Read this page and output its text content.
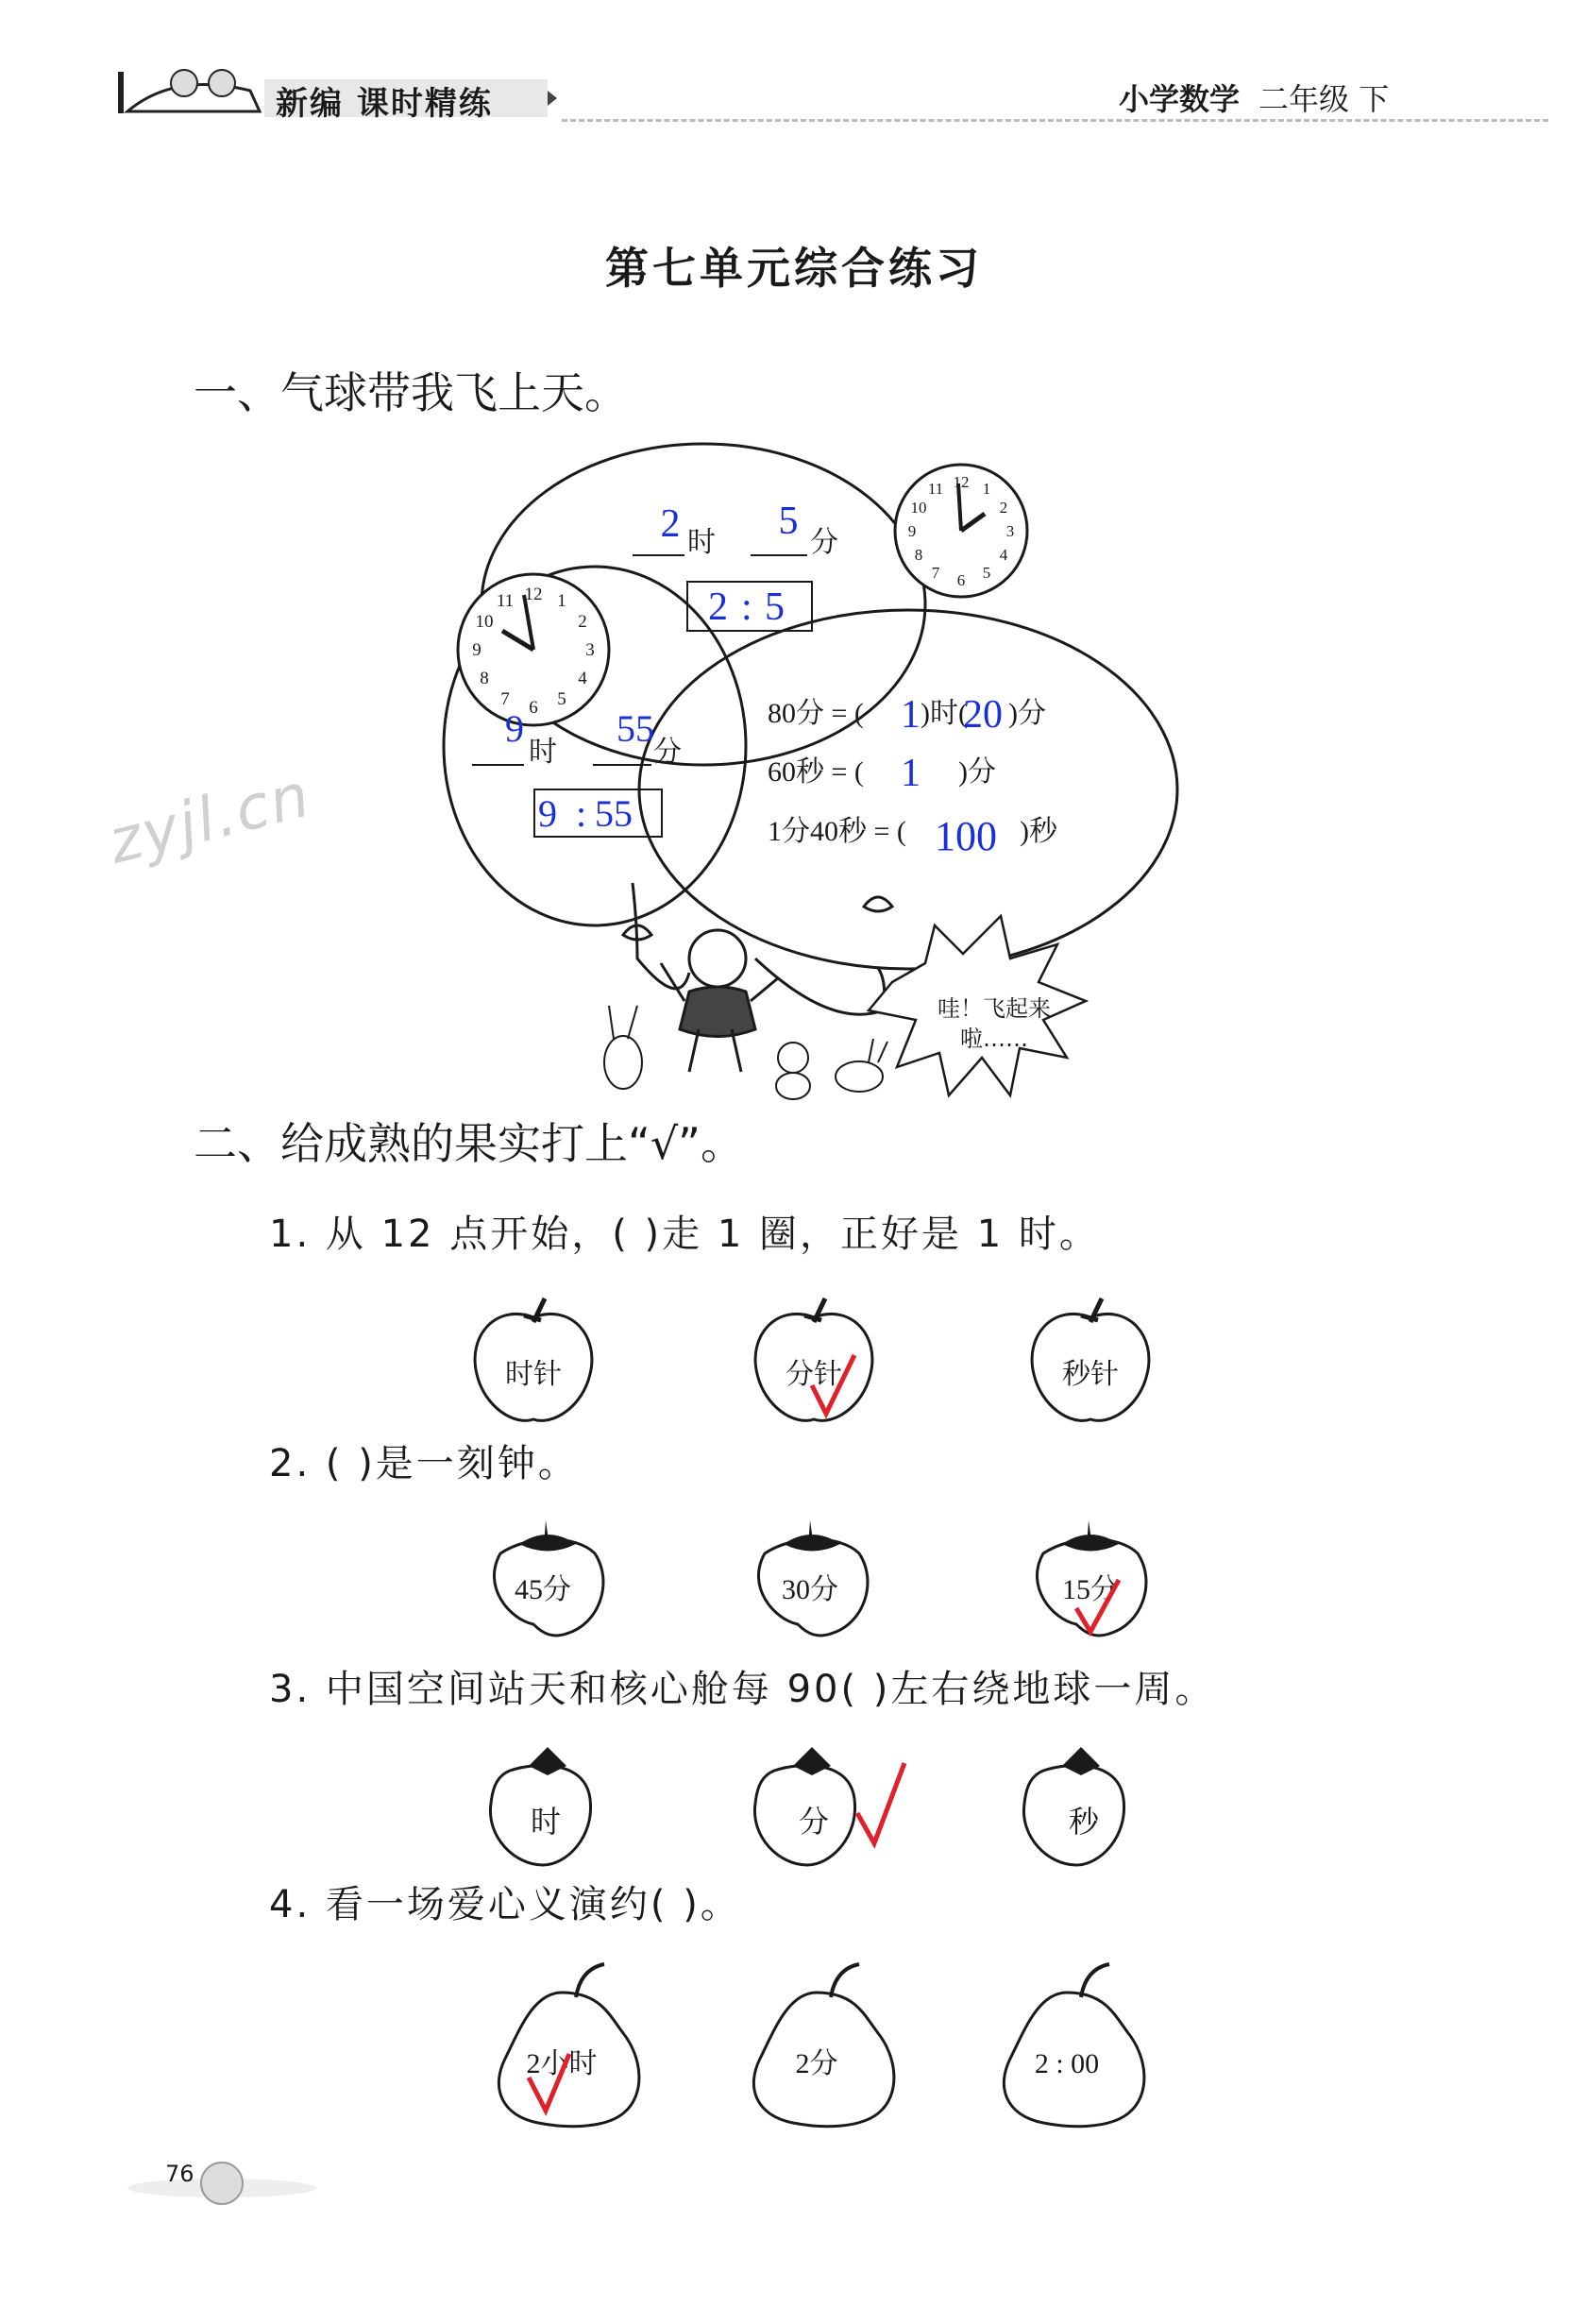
新编 课时精练	小学数学 二年级 下
第七单元综合练习
zyjl.cn
一、气球带我飞上天。
12 1
2
3
4
5
6
7
8
9
10
11
12 1
2
3
4
5
6
7
8
9
10
11
时	分
2 5
2 : 5
时	分
9 55
9 : 55
80分 = ( )时( )分
1 20
60秒 = (	)分
1
1分40秒 = (	)秒
100
哇！飞起来啦……
二、给成熟的果实打上“√”。
1. 从 12 点开始，( )走 1 圈，正好是 1 时。
2. ( )是一刻钟。
3. 中国空间站天和核心舱每 90( )左右绕地球一周。
4. 看一场爱心义演约( )。
时针	分针	秒针
45分	30分	15分
时	分	秒
2小时	2分	2 : 00
76
